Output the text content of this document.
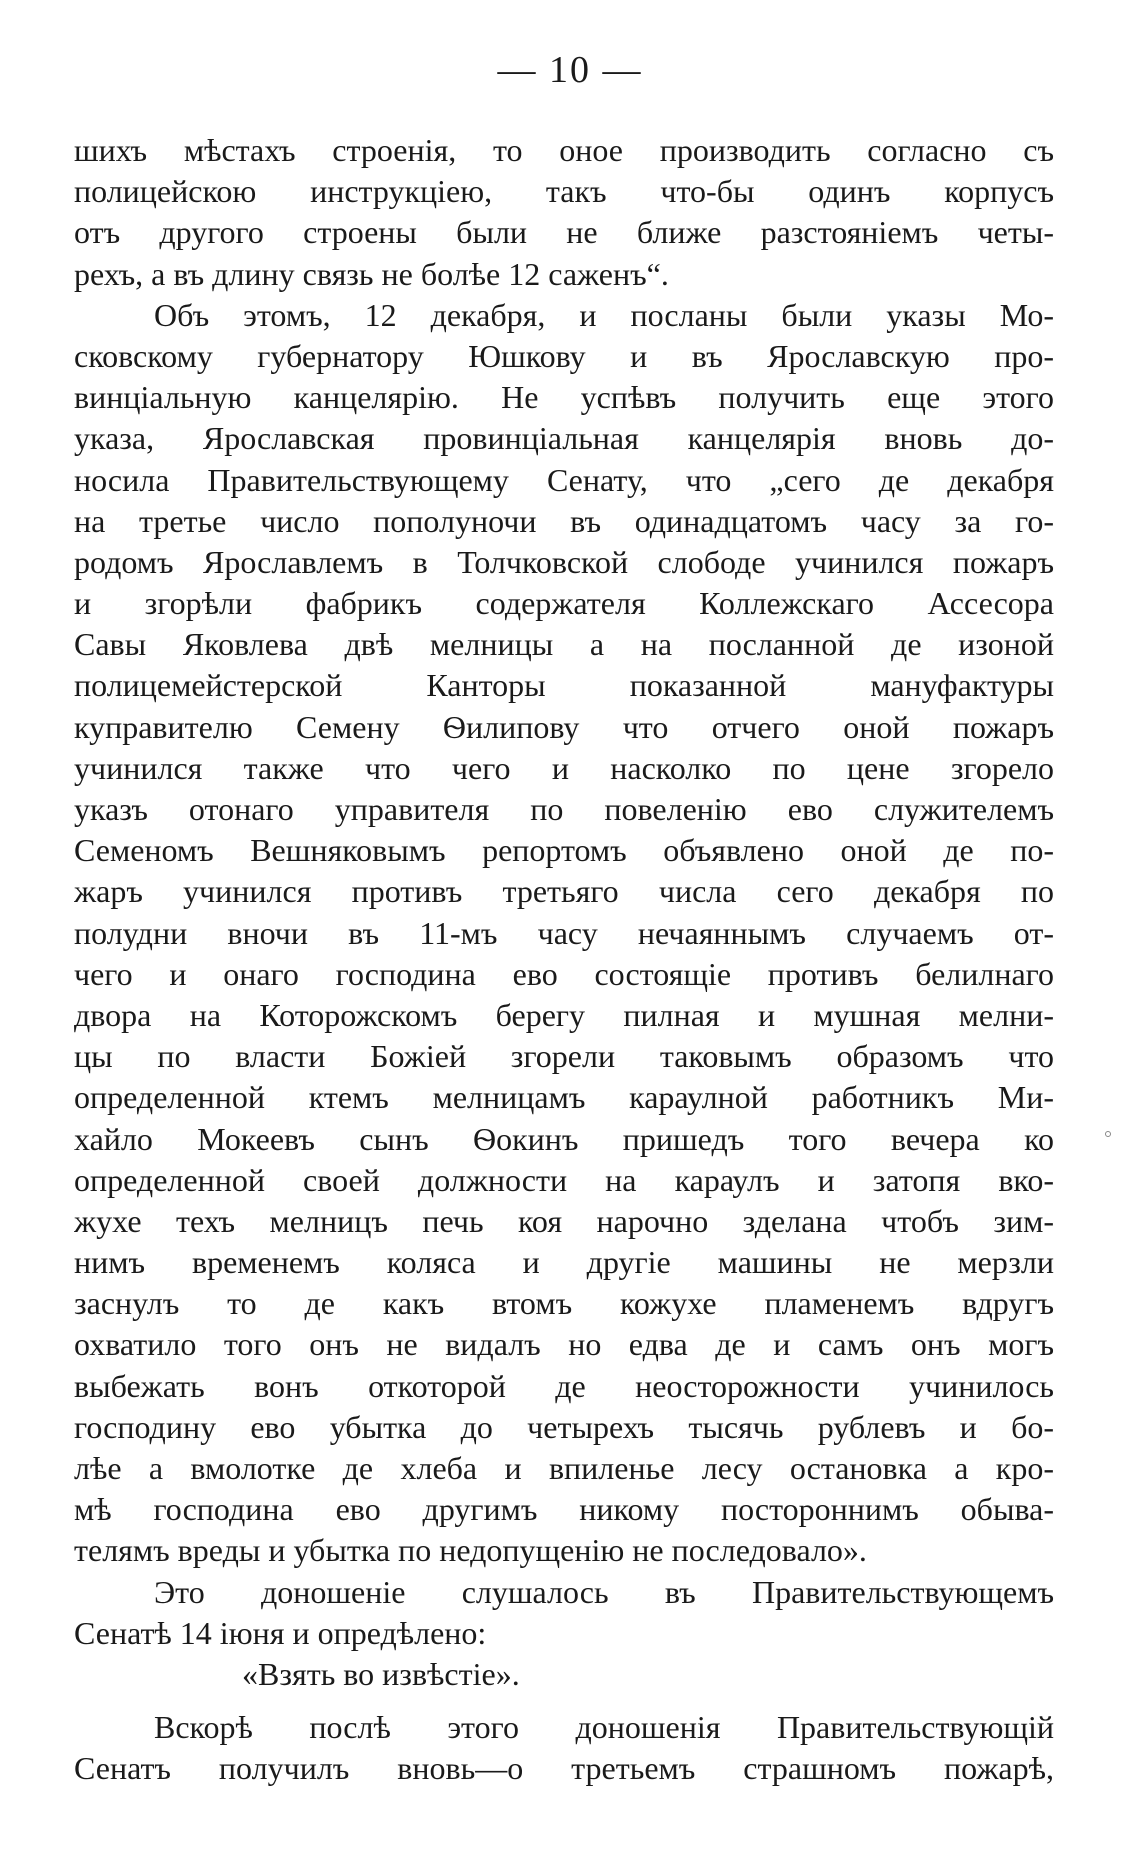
— 10 —
шихъ мѣстахъ строенія, то оное производить согласно съ
полицейскою инструкціею, такъ что-бы одинъ корпусъ
отъ другого строены были не ближе разстояніемъ четы-
рехъ, а въ длину связь не болѣе 12 саженъ“.
Объ этомъ, 12 декабря, и посланы были указы Мо-
сковскому губернатору Юшкову и въ Ярославскую про-
винціальную канцелярію. Не успѣвъ получить еще этого
указа, Ярославская провинціальная канцелярія вновь до-
носила Правительствующему Сенату, что „сего де декабря
на третье число пополуночи въ одинадцатомъ часу за го-
родомъ Ярославлемъ в Толчковской слободе учинился пожаръ
и згорѣли фабрикъ содержателя Коллежскаго Ассесора
Савы Яковлева двѣ мелницы а на посланной де изоной
полицемейстерской Канторы показанной мануфактуры
куправителю Семену Ѳилипову что отчего оной пожаръ
учинился также что чего и насколко по цене згорело
указъ отонаго управителя по повеленію ево служителемъ
Семеномъ Вешняковымъ репортомъ объявлено оной де по-
жаръ учинился противъ третьяго числа сего декабря по
полудни вночи въ 11-мъ часу нечаяннымъ случаемъ от-
чего и онаго господина ево состоящіе противъ белилнаго
двора на Которожскомъ берегу пилная и мушная мелни-
цы по власти Божіей згорели таковымъ образомъ что
определенной ктемъ мелницамъ караулной работникъ Ми-
хайло Мокеевъ сынъ Ѳокинъ пришедъ того вечера ко
определенной своей должности на караулъ и затопя вко-
жухе техъ мелницъ печь коя нарочно зделана чтобъ зим-
нимъ временемъ коляса и другіе машины не мерзли
заснулъ то де какъ втомъ кожухе пламенемъ вдругъ
охватило того онъ не видалъ но едва де и самъ онъ могъ
выбежать вонъ откоторой де неосторожности учинилось
господину ево убытка до четырехъ тысячь рублевъ и бо-
лѣе а вмолотке де хлеба и впиленье лесу остановка а кро-
мѣ господина ево другимъ никому постороннимъ обыва-
телямъ вреды и убытка по недопущенію не последовало».
Это доношеніе слушалось въ Правительствующемъ
Сенатѣ 14 іюня и опредѣлено:
«Взять во извѣстіе».
Вскорѣ послѣ этого доношенія Правительствующій
Сенатъ получилъ вновь—о третьемъ страшномъ пожарѣ,
